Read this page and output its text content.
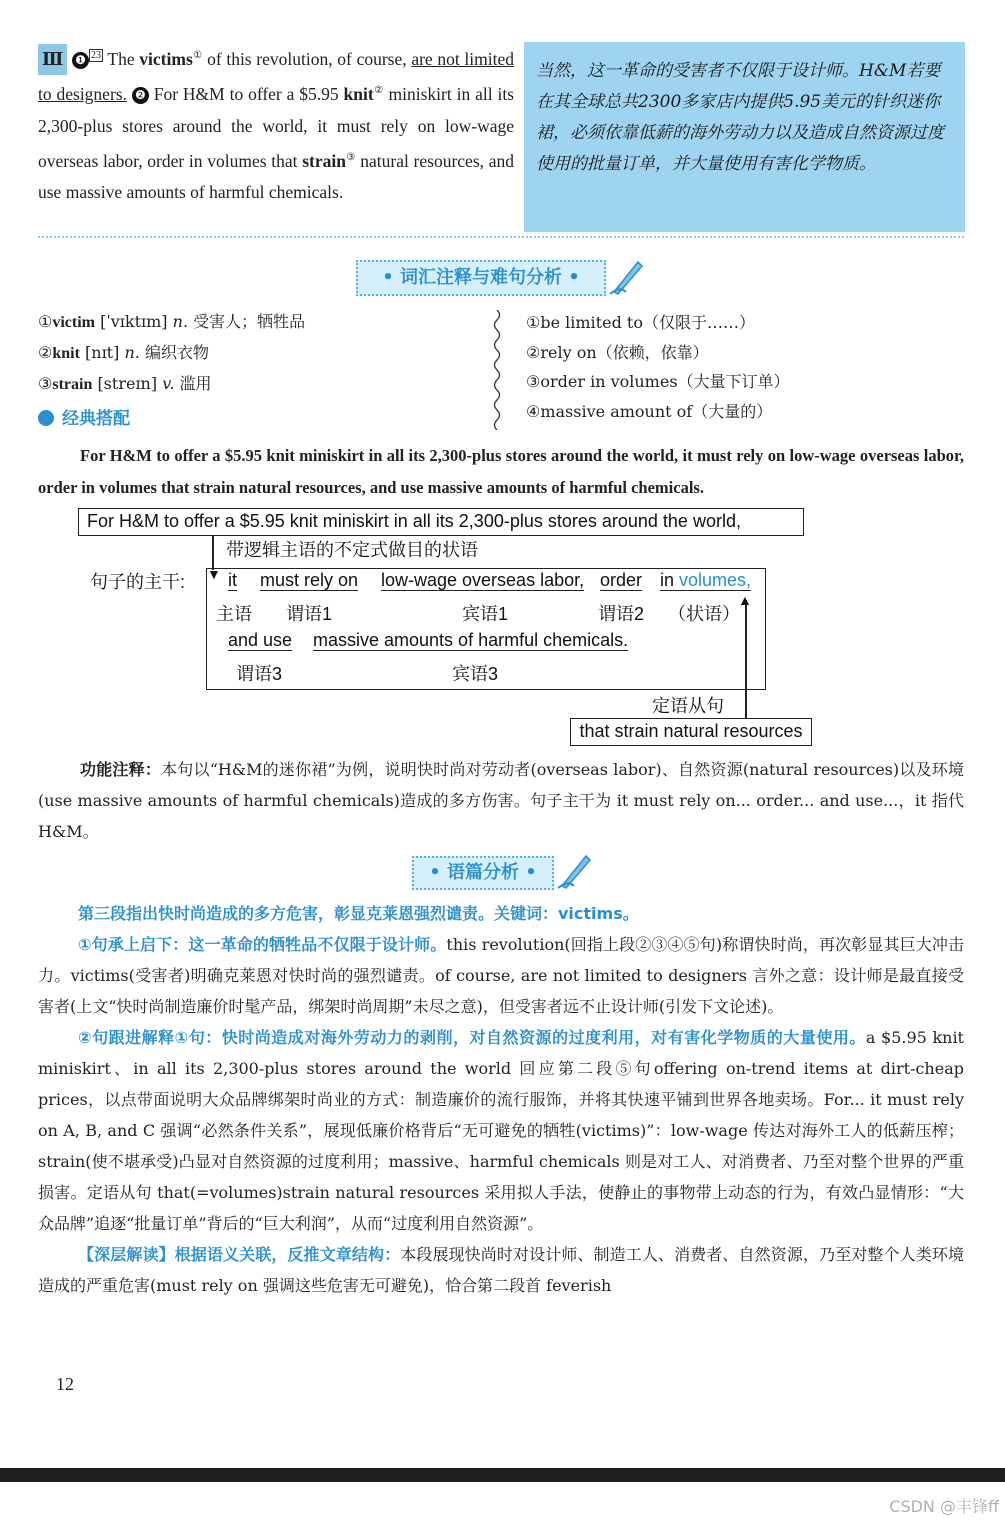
Ⅲ ❶ $^{23}$ The victims① of this revolution, of course, are not limited to designers. ❷ For H&M to offer a $5.95 knit② miniskirt in all its 2,300-plus stores around the world, it must rely on low-wage overseas labor, order in volumes that strain③ natural resources, and use massive amounts of harmful chemicals.
当然，这一革命的受害者不仅限于设计师。H&M若要在其全球总共2300多家店内提供5.95美元的针织迷你裙，必须依靠低薪的海外劳动力以及造成自然资源过度使用的批量订单，并大量使用有害化学物质。
• 词汇注释与难句分析 •
①victim [ˈvɪktɪm] n. 受害人；牺牲品
②knit [nɪt] n. 编织衣物
③strain [streɪn] v. 滥用
①be limited to（仅限于……）
②rely on（依赖，依靠）
③order in volumes（大量下订单）
④massive amount of（大量的）
经典搭配
For H&M to offer a $5.95 knit miniskirt in all its 2,300-plus stores around the world, it must rely on low-wage overseas labor, order in volumes that strain natural resources, and use massive amounts of harmful chemicals.
For H&M to offer a $5.95 knit miniskirt in all its 2,300-plus stores around the world,
带逻辑主语的不定式做目的状语
句子的主干: ▼ it must rely on low-wage overseas labor, order in volumes,
主语 谓语1	宾语1	谓语2 （状语）
and use massive amounts of harmful chemicals.
谓语3	宾语3
▲
定语从句
that strain natural resources
功能注释：本句以“H&M的迷你裙”为例，说明快时尚对劳动者(overseas labor)、自然资源(natural resources)以及环境(use massive amounts of harmful chemicals)造成的多方伤害。句子主干为 it must rely on... order... and use...，it 指代 H&M。
• 语篇分析 •
第三段指出快时尚造成的多方危害，彰显克莱恩强烈谴责。关键词：victims。
①句承上启下：这一革命的牺牲品不仅限于设计师。this revolution(回指上段②③④⑤句)称谓快时尚，再次彰显其巨大冲击力。victims(受害者)明确克莱恩对快时尚的强烈谴责。of course, are not limited to designers 言外之意：设计师是最直接受害者(上文“快时尚制造廉价时髦产品，绑架时尚周期”未尽之意)，但受害者远不止设计师(引发下文论述)。
②句跟进解释①句：快时尚造成对海外劳动力的剥削，对自然资源的过度利用，对有害化学物质的大量使用。a $5.95 knit miniskirt、in all its 2,300-plus stores around the world 回应第二段⑤句offering on-trend items at dirt-cheap prices，以点带面说明大众品牌绑架时尚业的方式：制造廉价的流行服饰，并将其快速平铺到世界各地卖场。For... it must rely on A, B, and C 强调“必然条件关系”，展现低廉价格背后“无可避免的牺牲(victims)”：low-wage 传达对海外工人的低薪压榨；strain(使不堪承受)凸显对自然资源的过度利用；massive、harmful chemicals 则是对工人、对消费者、乃至对整个世界的严重损害。定语从句 that(=volumes)strain natural resources 采用拟人手法，使静止的事物带上动态的行为，有效凸显情形：“大众品牌”追逐“批量订单”背后的“巨大利润”，从而“过度利用自然资源”。
【深层解读】根据语义关联，反推文章结构：本段展现快尚时对设计师、制造工人、消费者、自然资源，乃至对整个人类环境造成的严重危害(must rely on 强调这些危害无可避免)，恰合第二段首 feverish
12
CSDN @丰锋ff
